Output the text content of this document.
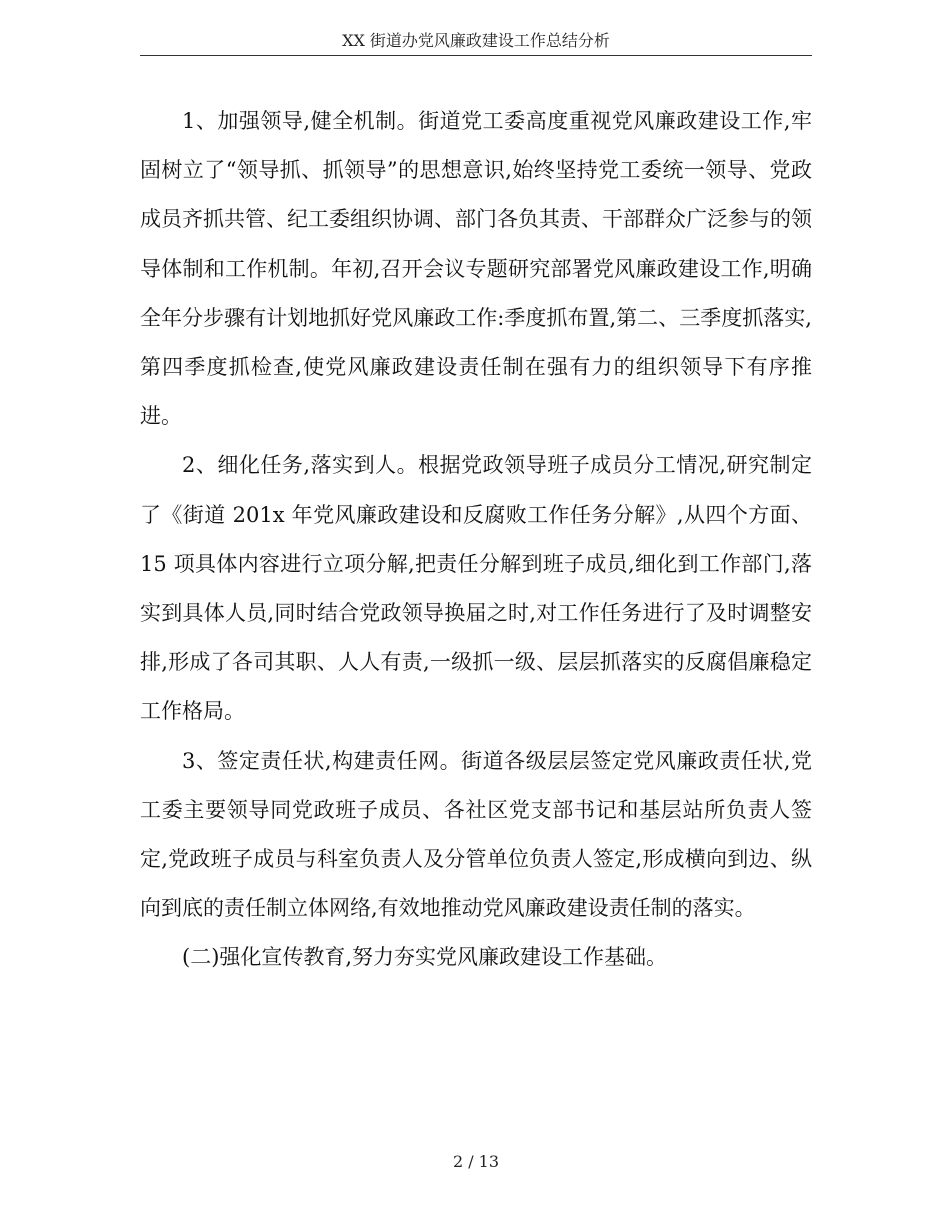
XX 街道办党风廉政建设工作总结分析

1、加强领导,健全机制。街道党工委高度重视党风廉政建设工作,牢固树立了“领导抓、抓领导”的思想意识,始终坚持党工委统一领导、党政成员齐抓共管、纪工委组织协调、部门各负其责、干部群众广泛参与的领导体制和工作机制。年初,召开会议专题研究部署党风廉政建设工作,明确全年分步骤有计划地抓好党风廉政工作:季度抓布置,第二、三季度抓落实,第四季度抓检查,使党风廉政建设责任制在强有力的组织领导下有序推进。

2、细化任务,落实到人。根据党政领导班子成员分工情况,研究制定了《街道 201x 年党风廉政建设和反腐败工作任务分解》,从四个方面、15 项具体内容进行立项分解,把责任分解到班子成员,细化到工作部门,落实到具体人员,同时结合党政领导换届之时,对工作任务进行了及时调整安排,形成了各司其职、人人有责,一级抓一级、层层抓落实的反腐倡廉稳定工作格局。

3、签定责任状,构建责任网。街道各级层层签定党风廉政责任状,党工委主要领导同党政班子成员、各社区党支部书记和基层站所负责人签定,党政班子成员与科室负责人及分管单位负责人签定,形成横向到边、纵向到底的责任制立体网络,有效地推动党风廉政建设责任制的落实。

(二)强化宣传教育,努力夯实党风廉政建设工作基础。

2 / 13
